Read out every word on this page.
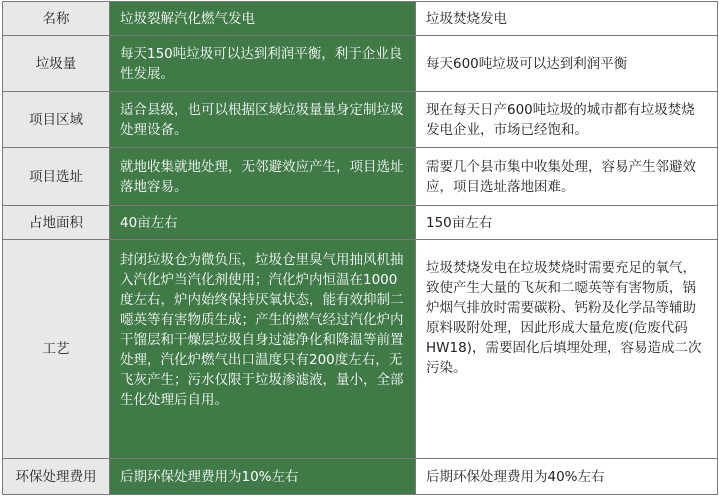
名称	垃圾裂解汽化燃气发电	垃圾焚烧发电
垃圾量	每天150吨垃圾可以达到利润平衡，利于企业良性发展。	每天600吨垃圾可以达到利润平衡

项目区域	适合县级，也可以根据区域垃圾量量身定制垃圾处理设备。	现在每天日产600吨垃圾的城市都有垃圾焚烧发电企业，市场已经饱和。

项目选址	就地收集就地处理，无邻避效应产生，项目选址落地容易。	需要几个县市集中收集处理，容易产生邻避效应，项目选址落地困难。

占地面积	40亩左右	150亩左右

工艺	封闭垃圾仓为微负压，垃圾仓里臭气用抽风机抽入汽化炉当汽化剂使用；汽化炉内恒温在1000度左右，炉内始终保持厌氧状态，能有效抑制二噁英等有害物质生成；产生的燃气经过汽化炉内干馏层和干燥层垃圾自身过滤净化和降温等前置处理，汽化炉燃气出口温度只有200度左右，无飞灰产生；污水仅限于垃圾渗滤液，量小，全部生化处理后自用。	垃圾焚烧发电在垃圾焚烧时需要充足的氧气，致使产生大量的飞灰和二噁英等有害物质，锅炉烟气排放时需要碳粉、钙粉及化学品等辅助原料吸附处理，因此形成大量危废(危废代码HW18)，需要固化后填埋处理，容易造成二次污染。

环保处理费用	后期环保处理费用为10%左右	后期环保处理费用为40%左右
